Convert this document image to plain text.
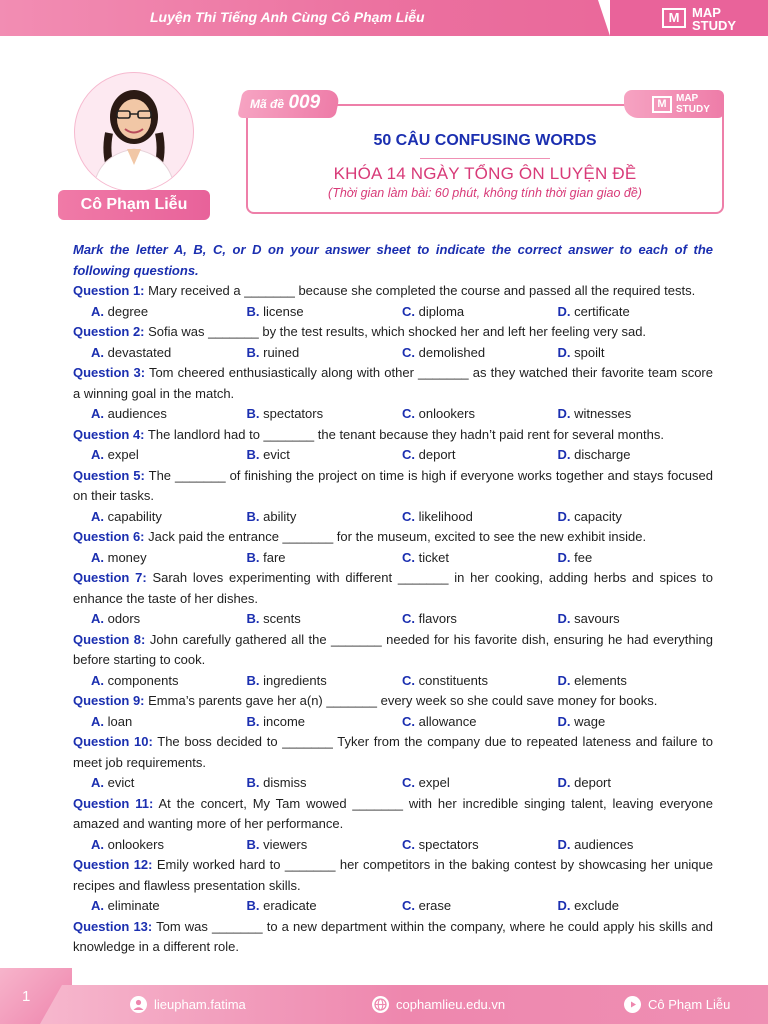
Luyện Thi Tiếng Anh Cùng Cô Phạm Liễu	M MAP
STUDY
Cô Phạm Liễu
Mã đề 009	M MAP
STUDY
50 CÂU CONFUSING WORDS
KHÓA 14 NGÀY TỔNG ÔN LUYỆN ĐỀ
(Thời gian làm bài: 60 phút, không tính thời gian giao đề)
Mark the letter A, B, C, or D on your answer sheet to indicate the correct answer to each of the following questions.
Question 1: Mary received a _______ because she completed the course and passed all the required tests.
A. degree	B. license	C. diploma	D. certificate
Question 2: Sofia was _______ by the test results, which shocked her and left her feeling very sad.
A. devastated	B. ruined	C. demolished	D. spoilt
Question 3: Tom cheered enthusiastically along with other _______ as they watched their favorite team score a winning goal in the match.
A. audiences	B. spectators	C. onlookers	D. witnesses
Question 4: The landlord had to _______ the tenant because they hadn’t paid rent for several months.
A. expel	B. evict	C. deport	D. discharge
Question 5: The _______ of finishing the project on time is high if everyone works together and stays focused on their tasks.
A. capability	B. ability	C. likelihood	D. capacity
Question 6: Jack paid the entrance _______ for the museum, excited to see the new exhibit inside.
A. money	B. fare	C. ticket	D. fee
Question 7: Sarah loves experimenting with different _______ in her cooking, adding herbs and spices to enhance the taste of her dishes.
A. odors	B. scents	C. flavors	D. savours
Question 8: John carefully gathered all the _______ needed for his favorite dish, ensuring he had everything before starting to cook.
A. components	B. ingredients	C. constituents	D. elements
Question 9: Emma’s parents gave her a(n) _______ every week so she could save money for books.
A. loan	B. income	C. allowance	D. wage
Question 10: The boss decided to _______ Tyker from the company due to repeated lateness and failure to meet job requirements.
A. evict	B. dismiss	C. expel	D. deport
Question 11: At the concert, My Tam wowed _______ with her incredible singing talent, leaving everyone amazed and wanting more of her performance.
A. onlookers	B. viewers	C. spectators	D. audiences
Question 12: Emily worked hard to _______ her competitors in the baking contest by showcasing her unique recipes and flawless presentation skills.
A. eliminate	B. eradicate	C. erase	D. exclude
Question 13: Tom was _______ to a new department within the company, where he could apply his skills and knowledge in a different role.
1	lieupham.fatima	cophamlieu.edu.vn	Cô Phạm Liễu
